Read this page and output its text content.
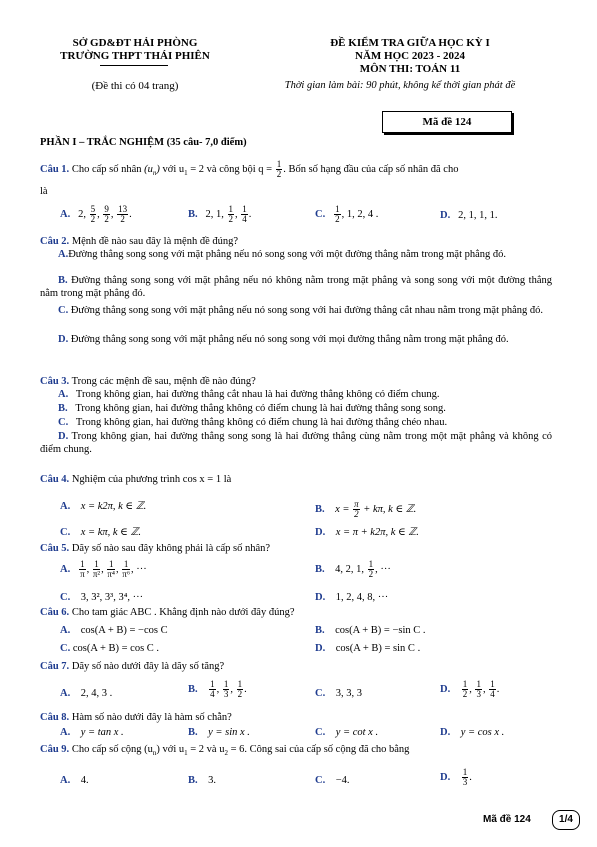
SỞ GD&ĐT HẢI PHÒNG
TRƯỜNG THPT THÁI PHIÊN
(Đề thi có 04 trang)
ĐỀ KIỂM TRA GIỮA HỌC KỲ I
NĂM HỌC 2023 - 2024
MÔN THI: TOÁN 11
Thời gian làm bài: 90 phút, không kể thời gian phát đề
Mã đề 124
PHẦN I – TRẮC NGHIỆM (35 câu- 7,0 điểm)
Câu 1. Cho cấp số nhân $(u_n)$ với $u_1 = 2$ và công bội $q = \frac{1}{2}$ . Bốn số hạng đầu của cấp số nhân đã cho
là
A.   2, $\frac{5}{2}$ , $\frac{9}{2}$ , $\frac{13}{2}$ .	B.   2, 1, $\frac{1}{2}$ , $\frac{1}{4}$ .	C. $\frac{1}{2}$ , 1, 2, 4 .	D.   2, 1, 1, 1.
Câu 2. Mệnh đề nào sau đây là mệnh đề đúng?
A.Đường thẳng song song với mặt phẳng nếu nó song song với một đường thẳng nằm trong mặt phẳng đó.
B. Đường thẳng song song với mặt phẳng nếu nó không nằm trong mặt phẳng và song song với một đường thẳng nằm trong mặt phẳng đó.
C. Đường thẳng song song với mặt phẳng nếu nó song song với hai đường thẳng cắt nhau nằm trong mặt phẳng đó.
D. Đường thẳng song song với mặt phẳng nếu nó song song với mọi đường thẳng nằm trong mặt phẳng đó.
Câu 3. Trong các mệnh đề sau, mệnh đề nào đúng?
A. Trong không gian, hai đường thẳng cắt nhau là hai đường thẳng không có điểm chung.
B. Trong không gian, hai đường thẳng không có điểm chung là hai đường thẳng song song.
C. Trong không gian, hai đường thẳng không có điểm chung là hai đường thẳng chéo nhau.
D. Trong không gian, hai đường thẳng song song là hai đường thẳng cùng nằm trong một mặt phẳng và không có điểm chung.
Câu 4. Nghiệm của phương trình cos x = 1 là
A. x = k2π, k ∈ ℤ.	B. $x = \frac{\pi}{2} + k\pi$, k ∈ ℤ.
C. x = kπ, k ∈ ℤ.	D. x = π + k2π, k ∈ ℤ.
Câu 5. Dãy số nào sau đây không phải là cấp số nhân?
A. $\frac{1}{\pi}$ , $\frac{1}{\text{π²}}$ , $\frac{1}{\text{π⁴}}$ , $\frac{1}{\text{π⁶}}$ , ···	B.    4, 2, 1, $\frac{1}{2}$ , ···
C. 3, 3², 3³, 3⁴, ···	D. 1, 2, 4, 8, ···
Câu 6. Cho tam giác ABC . Khẳng định nào dưới đây đúng?
A. cos(A + B) = −cos C	B. cos(A + B) = −sin C .
C. cos(A + B) = cos C .	D. cos(A + B) = sin C .
Câu 7. Dãy số nào dưới đây là dãy số tăng?
A. 2, 4, 3 .	B. $\frac{1}{4}$ , $\frac{1}{3}$ , $\frac{1}{2}$ .	C. 3, 3, 3	D. $\frac{1}{2}$ , $\frac{1}{3}$ , $\frac{1}{4}$ .
Câu 8. Hàm số nào dưới đây là hàm số chẵn?
A. y = tan x .	B. y = sin x .	C. y = cot x .	D. y = cos x .
Câu 9. Cho cấp số cộng $(u_n)$ với $u_1 = 2$ và $u_2 = 6$. Công sai của cấp số cộng đã cho bằng
A. 4.	B. 3.	C. −4.	D. $\frac{1}{3}$ .
Mã đề 124	1/4
